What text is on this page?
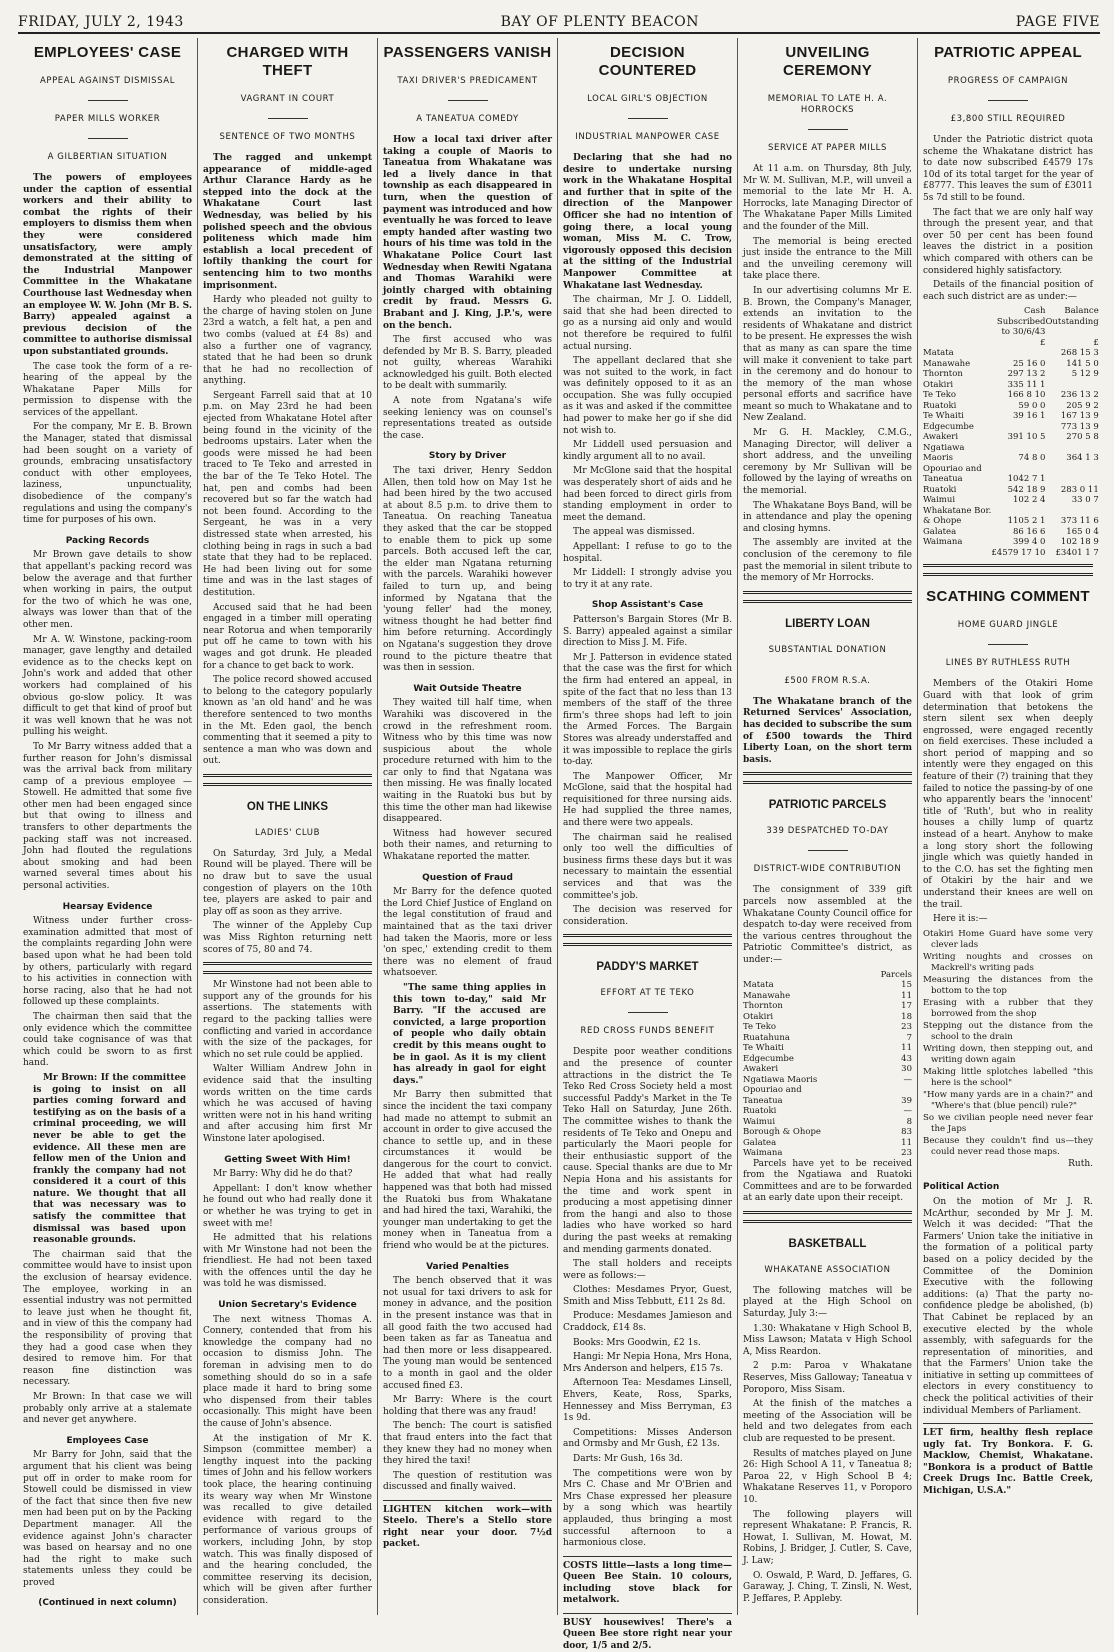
FRIDAY, JULY 2, 1943	BAY OF PLENTY BEACON	PAGE FIVE
EMPLOYEES' CASE
APPEAL AGAINST DISMISSAL
PAPER MILLS WORKER
A GILBERTIAN SITUATION

The powers of employees under the caption of essential workers and their ability to combat the rights of their employers to dismiss them when they were considered unsatisfactory, were amply demonstrated at the sitting of the Industrial Manpower Committee in the Whakatane Courthouse last Wednesday when an employee W. W. John (Mr B. S. Barry) appealed against a previous decision of the committee to authorise dismissal upon substantiated grounds.

The case took the form of a re-hearing of the appeal by the Whakatane Paper Mills for permission to dispense with the services of the appellant.

For the company, Mr E. B. Brown the Manager, stated that dismissal had been sought on a variety of grounds, embracing unsatisfactory conduct with other employees, laziness, unpunctuality, disobedience of the company's regulations and using the company's time for purposes of his own.

Packing Records

Mr Brown gave details to show that appellant's packing record was below the average and that further when working in pairs, the output for the two of which he was one, always was lower than that of the other men.

Mr A. W. Winstone, packing-room manager, gave lengthy and detailed evidence as to the checks kept on John's work and added that other workers had complained of his obvious go-slow policy. It was difficult to get that kind of proof but it was well known that he was not pulling his weight.

To Mr Barry witness added that a further reason for John's dismissal was the arrival back from military camp of a previous employee —Stowell. He admitted that some five other men had been engaged since but that owing to illness and transfers to other departments the packing staff was not increased. John had flouted the regulations about smoking and had been warned several times about his personal activities.

Hearsay Evidence

Witness under further cross-examination admitted that most of the complaints regarding John were based upon what he had been told by others, particularly with regard to his activities in connection with horse racing, also that he had not followed up these complaints.

The chairman then said that the only evidence which the committee could take cognisance of was that which could be sworn to as first hand.

Mr Brown: If the committee is going to insist on all parties coming forward and testifying as on the basis of a criminal proceeding, we will never be able to get the evidence. All these men are fellow men of the Union and frankly the company had not considered it a court of this nature. We thought that all that was necessary was to satisfy the committee that dismissal was based upon reasonable grounds.

The chairman said that the committee would have to insist upon the exclusion of hearsay evidence. The employee, working in an essential industry was not permitted to leave just when he thought fit, and in view of this the company had the responsibility of proving that they had a good case when they desired to remove him. For that reason fine distinction was necessary.

Mr Brown: In that case we will probably only arrive at a stalemate and never get anywhere.

Employees Case

Mr Barry for John, said that the argument that his client was being put off in order to make room for Stowell could be dismissed in view of the fact that since then five new men had been put on by the Packing Department manager. All the evidence against John's character was based on hearsay and no one had the right to make such statements unless they could be proved

(Continued in next column)
CHARGED WITH THEFT
VAGRANT IN COURT
SENTENCE OF TWO MONTHS

The ragged and unkempt appearance of middle-aged Arthur Clarance Hardy as he stepped into the dock at the Whakatane Court last Wednesday, was belied by his polished speech and the obvious politeness which made him establish a local precedent of loftily thanking the court for sentencing him to two months imprisonment.

Hardy who pleaded not guilty to the charge of having stolen on June 23rd a watch, a felt hat, a pen and two combs (valued at £4 8s) and also a further one of vagrancy, stated that he had been so drunk that he had no recollection of anything.

Sergeant Farrell said that at 10 p.m. on May 23rd he had been ejected from Whakatane Hotel after being found in the vicinity of the bedrooms upstairs. Later when the goods were missed he had been traced to Te Teko and arrested in the bar of the Te Teko Hotel. The hat, pen and combs had been recovered but so far the watch had not been found. According to the Sergeant, he was in a very distressed state when arrested, his clothing being in rags in such a bad state that they had to be replaced. He had been living out for some time and was in the last stages of destitution.

Accused said that he had been engaged in a timber mill operating near Rotorua and when temporarily put off he came to town with his wages and got drunk. He pleaded for a chance to get back to work.

The police record showed accused to belong to the category popularly known as 'an old hand' and he was therefore sentenced to two months in the Mt. Eden gaol, the bench commenting that it seemed a pity to sentence a man who was down and out.

ON THE LINKS
LADIES' CLUB

On Saturday, 3rd July, a Medal Round will be played. There will be no draw but to save the usual congestion of players on the 10th tee, players are asked to pair and play off as soon as they arrive.

The winner of the Appleby Cup was Miss Righton returning nett scores of 75, 80 and 74.

Mr Winstone had not been able to support any of the grounds for his assertions. The statements with regard to the packing tallies were conflicting and varied in accordance with the size of the packages, for which no set rule could be applied.

Walter William Andrew John in evidence said that the insulting words written on the time cards which he was accused of having written were not in his hand writing and after accusing him first Mr Winstone later apologised.

Getting Sweet With Him!

Mr Barry: Why did he do that?

Appellant: I don't know whether he found out who had really done it or whether he was trying to get in sweet with me!

He admitted that his relations with Mr Winstone had not been the friendliest. He had not been taxed with the offences until the day he was told he was dismissed.

Union Secretary's Evidence

The next witness Thomas A. Connery, contended that from his knowledge the company had no occasion to dismiss John. The foreman in advising men to do something should do so in a safe place made it hard to bring some who dispensed from their tables occasionally. This might have been the cause of John's absence.

At the instigation of Mr K. Simpson (committee member) a lengthy inquest into the packing times of John and his fellow workers took place, the hearing continuing its weary way when Mr Winstone was recalled to give detailed evidence with regard to the performance of various groups of workers, including John, by stop watch. This was finally disposed of and the hearing concluded, the committee reserving its decision, which will be given after further consideration.

PASSENGERS VANISH
TAXI DRIVER'S PREDICAMENT
A TANEATUA COMEDY

How a local taxi driver after taking a couple of Maoris to Taneatua from Whakatane was led a lively dance in that township as each disappeared in turn, when the question of payment was introduced and how eventually he was forced to leave empty handed after wasting two hours of his time was told in the Whakatane Police Court last Wednesday when Rewiti Ngatana and Thomas Warahiki were jointly charged with obtaining credit by fraud. Messrs G. Brabant and J. King, J.P.'s, were on the bench.

The first accused who was defended by Mr B. S. Barry, pleaded not guilty, whereas Warahiki acknowledged his guilt. Both elected to be dealt with summarily.

A note from Ngatana's wife seeking leniency was on counsel's representations treated as outside the case.

Story by Driver

The taxi driver, Henry Seddon Allen, then told how on May 1st he had been hired by the two accused at about 8.5 p.m. to drive them to Taneatua. On reaching Taneatua they asked that the car be stopped to enable them to pick up some parcels. Both accused left the car, the elder man Ngatana returning with the parcels. Warahiki however failed to turn up, and being informed by Ngatana that the 'young feller' had the money, witness thought he had better find him before returning. Accordingly on Ngatana's suggestion they drove round to the picture theatre that was then in session.

Wait Outside Theatre

They waited till half time, when Warahiki was discovered in the crowd in the refreshment room. Witness who by this time was now suspicious about the whole procedure returned with him to the car only to find that Ngatana was then missing. He was finally located waiting in the Ruatoki bus but by this time the other man had likewise disappeared.

Witness had however secured both their names, and returning to Whakatane reported the matter.

Question of Fraud

Mr Barry for the defence quoted the Lord Chief Justice of England on the legal constitution of fraud and maintained that as the taxi driver had taken the Maoris, more or less 'on spec,' extending credit to them there was no element of fraud whatsoever.

"The same thing applies in this town to-day," said Mr Barry. "If the accused are convicted, a large proportion of people who daily obtain credit by this means ought to be in gaol. As it is my client has already in gaol for eight days."

Mr Barry then submitted that since the incident the taxi company had made no attempt to submit an account in order to give accused the chance to settle up, and in these circumstances it would be dangerous for the court to convict. He added that what had really happened was that both had missed the Ruatoki bus from Whakatane and had hired the taxi, Warahiki, the younger man undertaking to get the money when in Taneatua from a friend who would be at the pictures.

Varied Penalties

The bench observed that it was not usual for taxi drivers to ask for money in advance, and the position in the present instance was that in all good faith the two accused had been taken as far as Taneatua and had then more or less disappeared. The young man would be sentenced to a month in gaol and the older accused fined £3.

Mr Barry: Where is the court holding that there was any fraud!

The bench: The court is satisfied that fraud enters into the fact that they knew they had no money when they hired the taxi!

The question of restitution was discussed and finally waived.

LIGHTEN kitchen work—with Steelo. There's a Stello store right near your door. 7½d packet.

DECISION COUNTERED
LOCAL GIRL'S OBJECTION
INDUSTRIAL MANPOWER CASE

Declaring that she had no desire to undertake nursing work in the Whakatane Hospital and further that in spite of the direction of the Manpower Officer she had no intention of going there, a local young woman, Miss M. C. Trow, vigorously opposed this decision at the sitting of the Industrial Manpower Committee at Whakatane last Wednesday.

The chairman, Mr J. O. Liddell, said that she had been directed to go as a nursing aid only and would not therefore be required to fulfil actual nursing.

The appellant declared that she was not suited to the work, in fact was definitely opposed to it as an occupation. She was fully occupied as it was and asked if the committee had power to make her go if she did not wish to.

Mr Liddell used persuasion and kindly argument all to no avail.

Mr McGlone said that the hospital was desperately short of aids and he had been forced to direct girls from standing employment in order to meet the demand.

The appeal was dismissed.

Appellant: I refuse to go to the hospital.

Mr Liddell: I strongly advise you to try it at any rate.

Shop Assistant's Case

Patterson's Bargain Stores (Mr B. S. Barry) appealed against a similar direction to Miss J. M. Fife.

Mr J. Patterson in evidence stated that the case was the first for which the firm had entered an appeal, in spite of the fact that no less than 13 members of the staff of the three firm's three shops had left to join the Armed Forces. The Bargain Stores was already understaffed and it was impossible to replace the girls to-day.

The Manpower Officer, Mr McGlone, said that the hospital had requisitioned for three nursing aids. He had supplied the three names, and there were two appeals.

The chairman said he realised only too well the difficulties of business firms these days but it was necessary to maintain the essential services and that was the committee's job.

The decision was reserved for consideration.

PADDY'S MARKET
EFFORT AT TE TEKO
RED CROSS FUNDS BENEFIT

Despite poor weather conditions and the presence of counter attractions in the district the Te Teko Red Cross Society held a most successful Paddy's Market in the Te Teko Hall on Saturday, June 26th. The committee wishes to thank the residents of Te Teko and Onepu and particularly the Maori people for their enthusiastic support of the cause. Special thanks are due to Mr Nepia Hona and his assistants for the time and work spent in producing a most appetising dinner from the hangi and also to those ladies who have worked so hard during the past weeks at remaking and mending garments donated.

The stall holders and receipts were as follows:—

Clothes: Mesdames Pryor, Guest, Smith and Miss Tebbutt, £11 2s 8d.

Produce: Mesdames Jamieson and Craddock, £14 8s.

Books: Mrs Goodwin, £2 1s.

Hangi: Mr Nepia Hona, Mrs Hona, Mrs Anderson and helpers, £15 7s.

Afternoon Tea: Mesdames Linsell, Ehvers, Keate, Ross, Sparks, Hennessey and Miss Berryman, £3 1s 9d.

Competitions: Misses Anderson and Ormsby and Mr Gush, £2 13s.

Darts: Mr Gush, 16s 3d.

The competitions were won by Mrs C. Chase and Mr O'Brien and Mrs Chase expressed her pleasure by a song which was heartily applauded, thus bringing a most successful afternoon to a harmonious close.

COSTS little—lasts a long time—Queen Bee Stain. 10 colours, including stove black for metalwork.

BUSY housewives! There's a Queen Bee store right near your door, 1/5 and 2/5.

UNVEILING CEREMONY
MEMORIAL TO LATE H. A. HORROCKS
SERVICE AT PAPER MILLS

At 11 a.m. on Thursday, 8th July, Mr W. M. Sullivan, M.P., will unveil a memorial to the late Mr H. A. Horrocks, late Managing Director of The Whakatane Paper Mills Limited and the founder of the Mill.

The memorial is being erected just inside the entrance to the Mill and the unveiling ceremony will take place there.

In our advertising columns Mr E. B. Brown, the Company's Manager, extends an invitation to the residents of Whakatane and district to be present. He expresses the wish that as many as can spare the time will make it convenient to take part in the ceremony and do honour to the memory of the man whose personal efforts and sacrifice have meant so much to Whakatane and to New Zealand.

Mr G. H. Mackley, C.M.G., Managing Director, will deliver a short address, and the unveiling ceremony by Mr Sullivan will be followed by the laying of wreaths on the memorial.

The Whakatane Boys Band, will be in attendance and play the opening and closing hymns.

The assembly are invited at the conclusion of the ceremony to file past the memorial in silent tribute to the memory of Mr Horrocks.

LIBERTY LOAN
SUBSTANTIAL DONATION
£500 FROM R.S.A.

The Whakatane branch of the Returned Services' Association, has decided to subscribe the sum of £500 towards the Third Liberty Loan, on the short term basis.

PATRIOTIC PARCELS
339 DESPATCHED TO-DAY
DISTRICT-WIDE CONTRIBUTION

The consignment of 339 gift parcels now assembled at the Whakatane County Council office for despatch to-day were received from the various centres throughout the Patriotic Committee's district, as under:—

	Parcels
Matata	15
Manawahe	11
Thornton	17
Otakiri	18
Te Teko	23
Ruatahuna	7
Te Whaiti	11
Edgecumbe	43
Awakeri	30
Ngatiawa Maoris	—
Opouriao and	
Taneatua	39
Ruatoki	—
Waimui	8
Borough & Ohope	83
Galatea	11
Waimana	23

Parcels have yet to be received from the Ngatiawa and Ruatoki Committees and are to be forwarded at an early date upon their receipt.

BASKETBALL
WHAKATANE ASSOCIATION

The following matches will be played at the High School on Saturday, July 3:—

1.30: Whakatane v High School B, Miss Lawson; Matata v High School A, Miss Reardon.

2 p.m: Paroa v Whakatane Reserves, Miss Galloway; Taneatua v Poroporo, Miss Sisam.

At the finish of the matches a meeting of the Association will be held and two delegates from each club are requested to be present.

Results of matches played on June 26: High School A 11, v Taneatua 8; Paroa 22, v High School B 4; Whakatane Reserves 11, v Poroporo 10.

The following players will represent Whakatane: P. Francis, R. Howat, I. Sullivan, M. Howat, M. Robins, J. Bridger, J. Cutler, S. Cave, J. Law;

O. Oswald, P. Ward, D. Jeffares, G. Garaway, J. Ching, T. Zinsli, N. West, P. Jeffares, P. Appleby.

PATRIOTIC APPEAL
PROGRESS OF CAMPAIGN
£3,800 STILL REQUIRED

Under the Patriotic district quota scheme the Whakatane district has to date now subscribed £4579 17s 10d of its total target for the year of £8777. This leaves the sum of £3011 5s 7d still to be found.

The fact that we are only half way through the present year, and that over 50 per cent has been found leaves the district in a position which compared with others can be considered highly satisfactory.

Details of the financial position of each such district are as under:—

	Cash	Balance
	Subscribed	Outstanding
	to 30/6/43	
	£	£
Matata		268 15 3
Manawahe	25 16 0	141 5 0
Thornton	297 13 2	5 12 9
Otakiri	335 11 1	
Te Teko	166 8 10	236 13 2
Ruatoki	59 0 0	205 9 2
Te Whaiti	39 16 1	167 13 9
Edgecumbe		773 13 9
Awakeri	391 10 5	270 5 8
Ngatiawa		
Maoris	74 8 0	364 1 3
Opouriao and		
Taneatua	1042 7 1	
Ruatoki	542 18 9	283 0 11
Waimui	102 2 4	33 0 7
Whakatane Bor.		
& Ohope	1105 2 1	373 11 6
Galatea	86 16 6	165 0 4
Waimana	399 4 0	102 18 9
	£4579 17 10	£3401 1 7
SCATHING COMMENT
HOME GUARD JINGLE
LINES BY RUTHLESS RUTH

Members of the Otakiri Home Guard with that look of grim determination that betokens the stern silent sex when deeply engrossed, were engaged recently on field exercises. These included a short period of mapping and so intently were they engaged on this feature of their (?) training that they failed to notice the passing-by of one who apparently bears the 'innocent' title of 'Ruth', but who in reality houses a chilly lump of quartz instead of a heart. Anyhow to make a long story short the following jingle which was quietly handed in to the C.O. has set the fighting men of Otakiri by the hair and we understand their knees are well on the trail.

Here it is:—

Otakiri Home Guard have some very clever lads

Writing noughts and crosses on Mackrell's writing pads

Measuring the distances from the bottom to the top

Erasing with a rubber that they borrowed from the shop

Stepping out the distance from the school to the drain

Writing down, then stepping out, and writing down again

Making little splotches labelled "this here is the school"

"How many yards are in a chain?" and "Where's that (blue pencil) rule?"

So we civilian people need never fear the Japs

Because they couldn't find us—they could never read those maps.

Ruth.
Political Action

On the motion of Mr J. R. McArthur, seconded by Mr J. M. Welch it was decided: "That the Farmers' Union take the initiative in the formation of a political party based on a policy decided by the Committee of the Dominion Executive with the following additions: (a) That the party no-confidence pledge be abolished, (b) That Cabinet be replaced by an executive elected by the whole assembly, with safeguards for the representation of minorities, and that the Farmers' Union take the initiative in setting up committees of electors in every constituency to check the political activities of their individual Members of Parliament.

LET firm, healthy flesh replace ugly fat. Try Bonkora. F. G. Macklow, Chemist, Whakatane. "Bonkora is a product of Battle Creek Drugs Inc. Battle Creek, Michigan, U.S.A."
